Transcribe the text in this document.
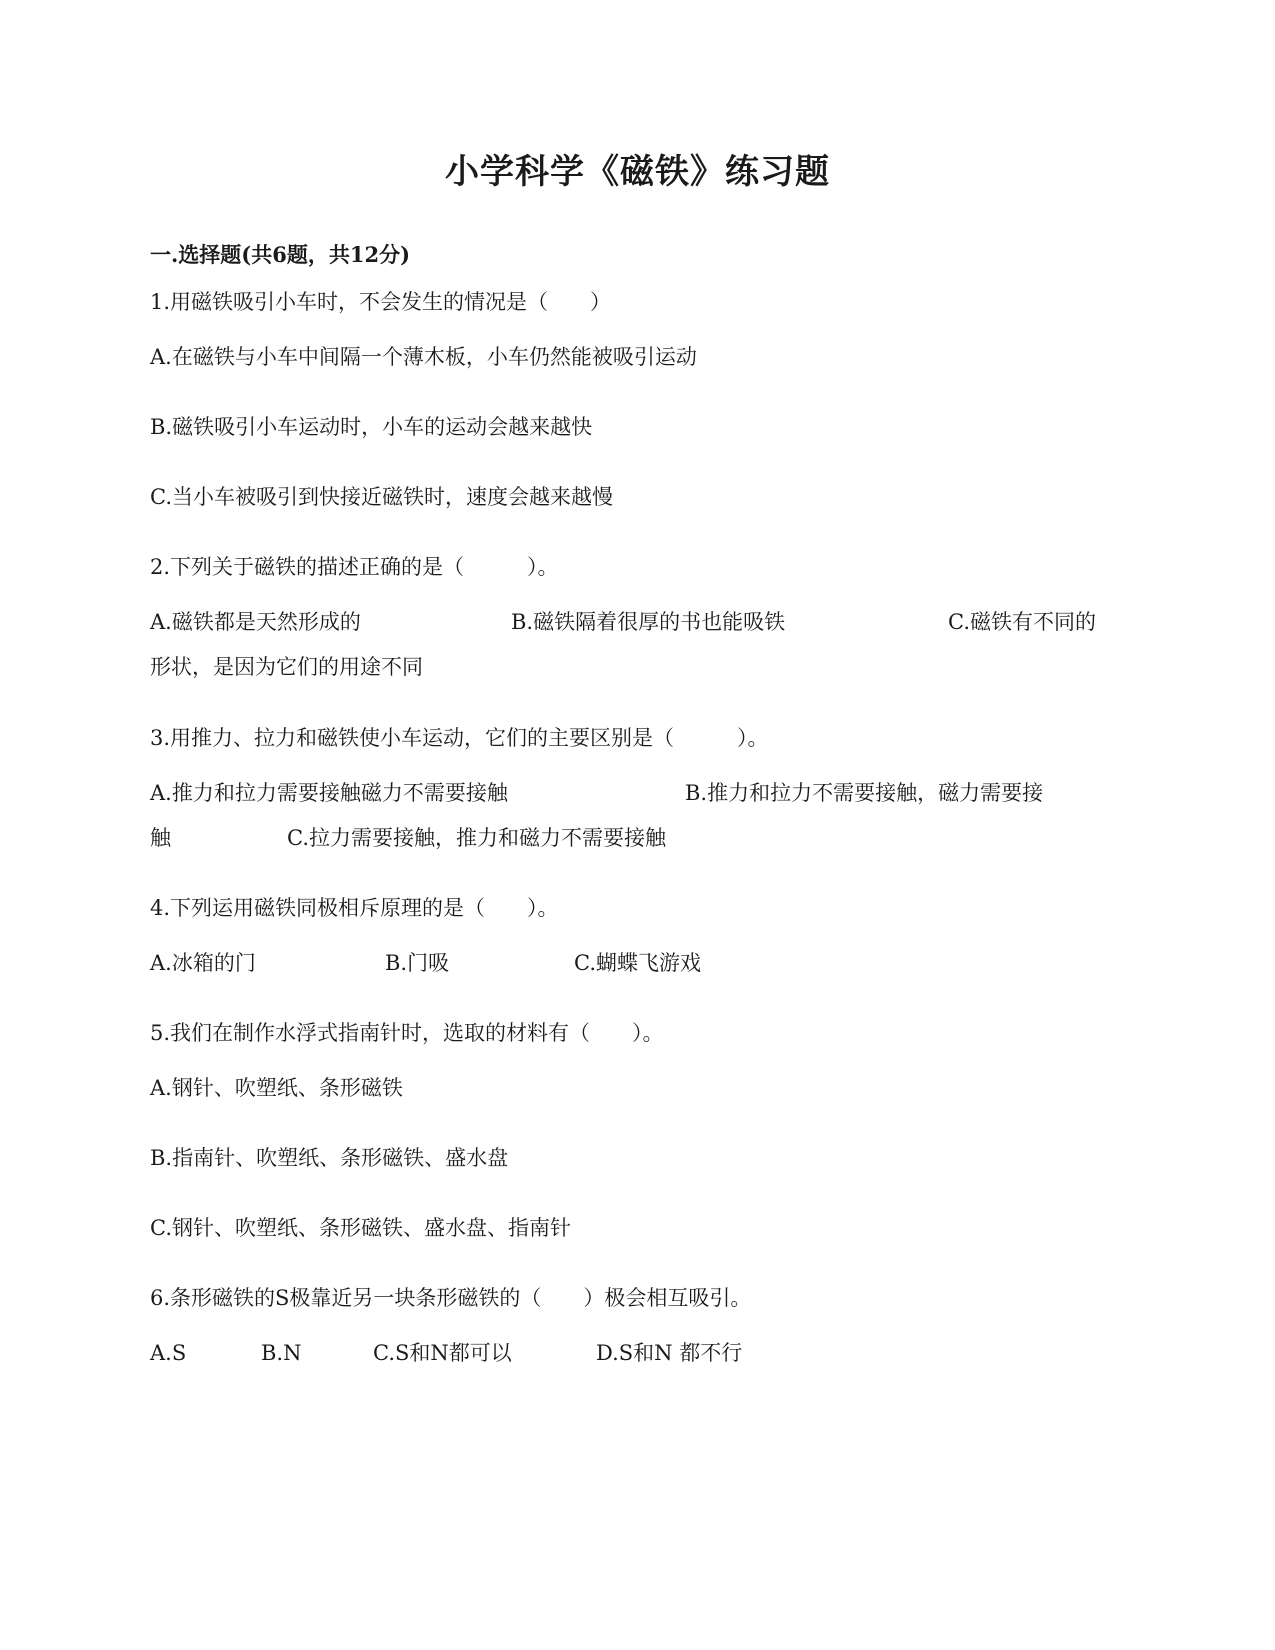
小学科学《磁铁》练习题
一.选择题(共6题，共12分)
1.用磁铁吸引小车时，不会发生的情况是（　　）
A.在磁铁与小车中间隔一个薄木板，小车仍然能被吸引运动
B.磁铁吸引小车运动时，小车的运动会越来越快
C.当小车被吸引到快接近磁铁时，速度会越来越慢
2.下列关于磁铁的描述正确的是（　　　）。
A.磁铁都是天然形成的	B.磁铁隔着很厚的书也能吸铁	C.磁铁有不同的
形状，是因为它们的用途不同
3.用推力、拉力和磁铁使小车运动，它们的主要区别是（　　　）。
A.推力和拉力需要接触磁力不需要接触	B.推力和拉力不需要接触，磁力需要接
触	C.拉力需要接触，推力和磁力不需要接触
4.下列运用磁铁同极相斥原理的是（　　）。
A.冰箱的门	B.门吸	C.蝴蝶飞游戏
5.我们在制作水浮式指南针时，选取的材料有（　　）。
A.钢针、吹塑纸、条形磁铁
B.指南针、吹塑纸、条形磁铁、盛水盘
C.钢针、吹塑纸、条形磁铁、盛水盘、指南针
6.条形磁铁的S极靠近另一块条形磁铁的（　　）极会相互吸引。
A.S	B.N	C.S和N都可以	D.S和N 都不行
